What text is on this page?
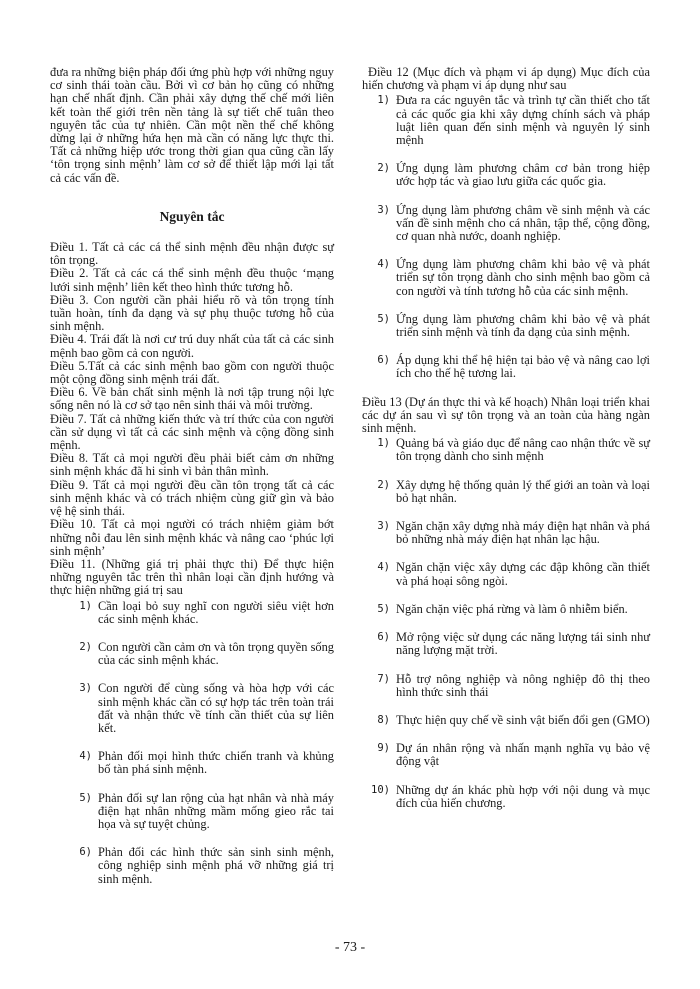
đưa ra những biện pháp đối ứng phù hợp với những nguy cơ sinh thái toàn cầu. Bởi vì cơ bản họ cũng có những hạn chế nhất định. Cần phải xây dựng thế chế mới liên kết toàn thế giới trên nền tảng là sự tiết chế tuân theo nguyên tắc của tự nhiên. Cần một nền thể chế không dừng lại ở những hứa hẹn mà cần có năng lực thực thi. Tất cả những hiệp ước trong thời gian qua cũng cần lấy ‘tôn trọng sinh mệnh’ làm cơ sở để thiết lập mới lại tất cả các vấn đề.

Nguyên tắc

Điều 1. Tất cả các cá thể sinh mệnh đều nhận được sự tôn trọng.

Điều 2. Tất cả các cá thể sinh mệnh đều thuộc ‘mạng lưới sinh mệnh’ liên kết theo hình thức tương hỗ.

Điều 3. Con người cần phải hiểu rõ và tôn trọng tính tuần hoàn, tính đa dạng và sự phụ thuộc tương hỗ của sinh mệnh.

Điều 4. Trái đất là nơi cư trú duy nhất của tất cả các sinh mệnh bao gồm cả con người.

Điều 5.Tất cả các sinh mệnh bao gồm con người thuộc một cộng đồng sinh mệnh trái đất.

Điều 6. Về bản chất sinh mệnh là nơi tập trung nội lực sống nên nó là cơ sở tạo nên sinh thái và môi trường.

Điều 7. Tất cả những kiến thức và trí thức của con người cần sử dụng vì tất cả các sinh mệnh và cộng đồng sinh mệnh.

Điều 8. Tất cả mọi người đều phải biết cảm ơn những sinh mệnh khác đã hi sinh vì bản thân mình.

Điều 9. Tất cả mọi người đều cần tôn trọng tất cả các sinh mệnh khác và có trách nhiệm cùng giữ gìn và bảo vệ hệ sinh thái.

Điều 10. Tất cả mọi người có trách nhiệm giảm bớt những nỗi đau lên sinh mệnh khác và nâng cao ‘phúc lợi sinh mệnh’

Điều 11. (Những giá trị phải thực thi) Để thực hiện những nguyên tắc trên thì nhân loại cần định hướng và thực hiện những giá trị sau

1) Cần loại bỏ suy nghĩ con người siêu việt hơn các sinh mệnh khác.
2) Con người cần cảm ơn và tôn trọng quyền sống của các sinh mệnh khác.
3) Con người để cùng sống và hòa hợp với các sinh mệnh khác cần có sự hợp tác trên toàn trái đất và nhận thức về tính cần thiết của sự liên kết.
4) Phản đối mọi hình thức chiến tranh và khủng bố tàn phá sinh mệnh.
5) Phản đối sự lan rộng của hạt nhân và nhà máy điện hạt nhân những mầm mống gieo rắc tai họa và sự tuyệt chủng.
6) Phản đối các hình thức sản sinh sinh mệnh, công nghiệp sinh mệnh phá vỡ những giá trị sinh mệnh.

Điều 12 (Mục đích và phạm vi áp dụng) Mục đích của hiến chương và phạm vi áp dụng như sau

1) Đưa ra các nguyên tắc và trình tự cần thiết cho tất cả các quốc gia khi xây dựng chính sách và pháp luật liên quan đến sinh mệnh và nguyên lý sinh mệnh
2) Ứng dụng làm phương châm cơ bản trong hiệp ước hợp tác và giao lưu giữa các quốc gia.
3) Ứng dụng làm phương châm về sinh mệnh và các vấn đề sinh mệnh cho cá nhân, tập thể, cộng đồng, cơ quan nhà nước, doanh nghiệp.
4) Ứng dụng làm phương châm khi bảo vệ và phát triển sự tôn trọng dành cho sinh mệnh bao gồm cả con người và tính tương hỗ của các sinh mệnh.
5) Ứng dụng làm phương châm khi bảo vệ và phát triển sinh mệnh và tính đa dạng của sinh mệnh.
6) Áp dụng khi thể hệ hiện tại bảo vệ và nâng cao lợi ích cho thế hệ tương lai.

Điều 13 (Dự án thực thi và kế hoạch) Nhân loại triển khai các dự án sau vì sự tôn trọng và an toàn của hàng ngàn sinh mệnh.

1) Quảng bá và giáo dục để nâng cao nhận thức về sự tôn trọng dành cho sinh mệnh
2) Xây dựng hệ thống quản lý thế giới an toàn và loại bỏ hạt nhân.
3) Ngăn chặn xây dựng nhà máy điện hạt nhân và phá bỏ những nhà máy điện hạt nhân lạc hậu.
4) Ngăn chặn việc xây dựng các đập không cần thiết và phá hoại sông ngòi.
5) Ngăn chặn việc phá rừng và làm ô nhiễm biển.
6) Mở rộng việc sử dụng các năng lượng tái sinh như năng lượng mặt trời.
7) Hỗ trợ nông nghiệp và nông nghiệp đô thị theo hình thức sinh thái
8) Thực hiện quy chế về sinh vật biến đổi gen (GMO)
9) Dự án nhân rộng và nhấn mạnh nghĩa vụ bảo vệ động vật
10) Những dự án khác phù hợp với nội dung và mục đích của hiến chương.
- 73 -
